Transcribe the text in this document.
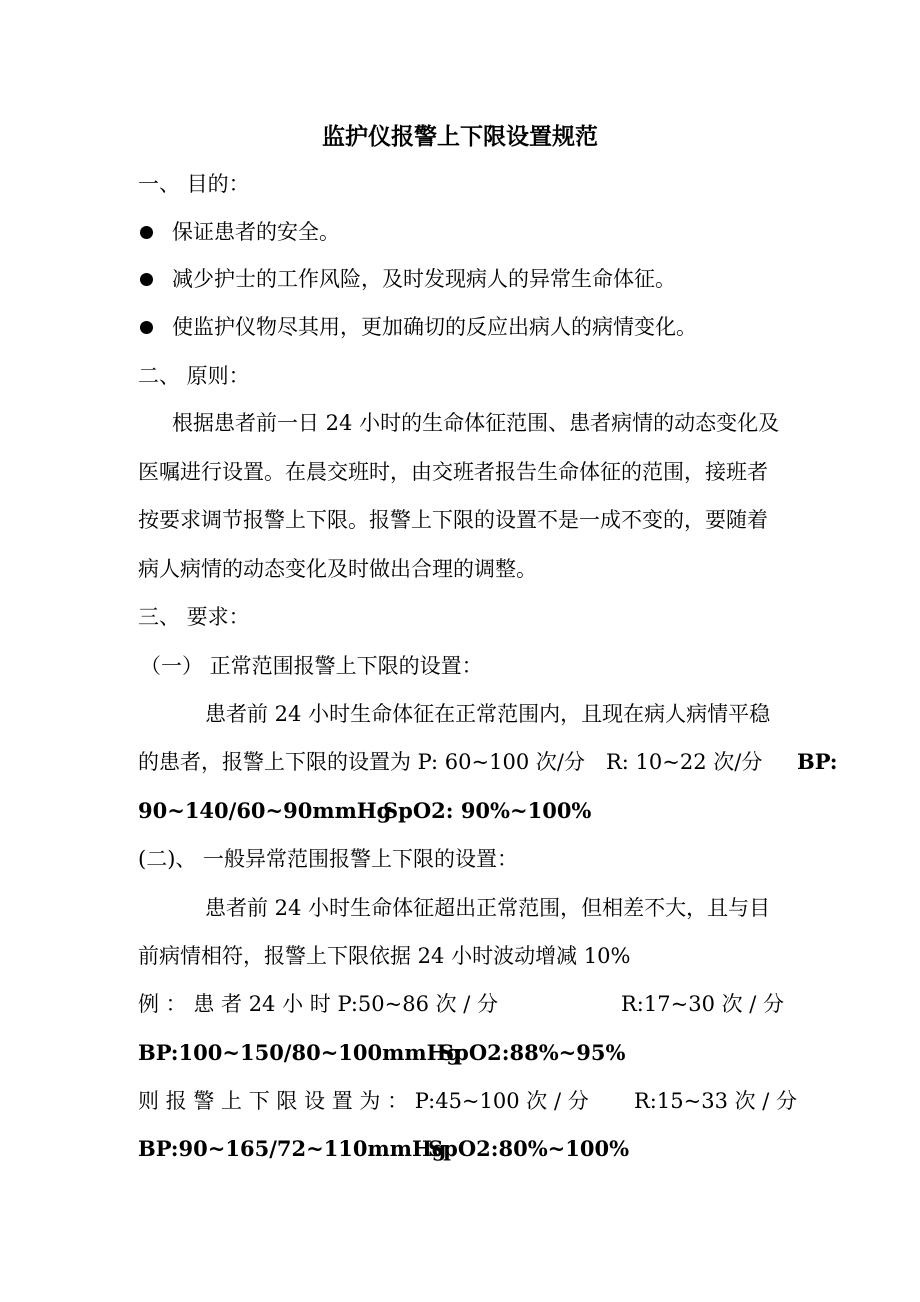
监护仪报警上下限设置规范
一、 目的：
保证患者的安全。
减少护士的工作风险，及时发现病人的异常生命体征。
使监护仪物尽其用，更加确切的反应出病人的病情变化。
二、 原则：
根据患者前一日 24 小时的生命体征范围、患者病情的动态变化及
医嘱进行设置。在晨交班时，由交班者报告生命体征的范围，接班者
按要求调节报警上下限。报警上下限的设置不是一成不变的，要随着
病人病情的动态变化及时做出合理的调整。
三、 要求：
（一） 正常范围报警上下限的设置：
患者前 24 小时生命体征在正常范围内，且现在病人病情平稳
的患者，报警上下限的设置为 P: 60~100 次/分 R: 10~22 次/分 BP:
90~140/60~90mmHg
SpO2: 90%~100%
(二)、 一般异常范围报警上下限的设置：
患者前 24 小时生命体征超出正常范围，但相差不大，且与目
前病情相符，报警上下限依据 24 小时波动增减 10%
例 ： 患 者 24 小 时 P:50~86 次 / 分	R:17~30 次 / 分
BP:100~150/80~100mmHg
SpO2:88%~95%
则 报 警 上 下 限 设 置 为 ： P:45~100 次 / 分 R:15~33 次 / 分
BP:90~165/72~110mmHg
SpO2:80%~100%
